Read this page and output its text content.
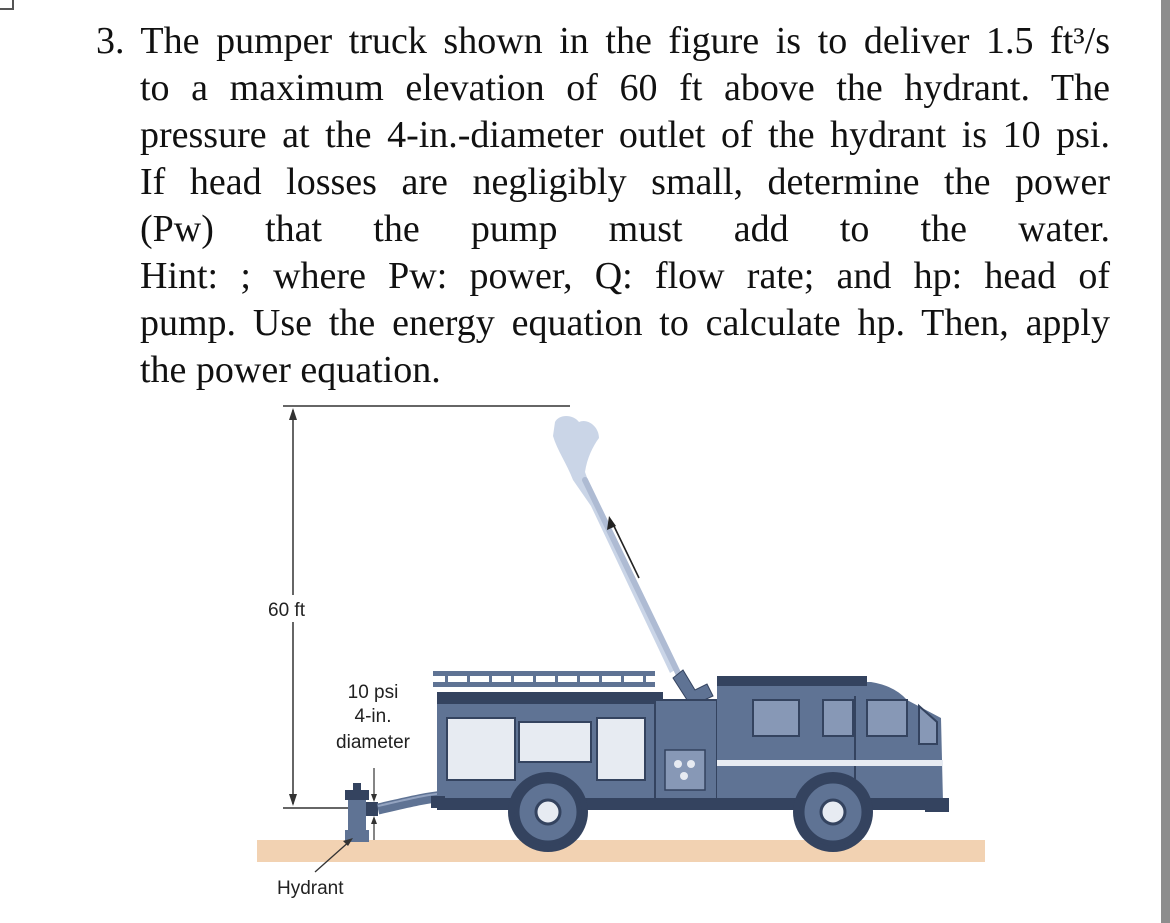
3. The pumper truck shown in the figure is to deliver 1.5 ft³/s
to a maximum elevation of 60 ft above the hydrant. The
pressure at the 4-in.-diameter outlet of the hydrant is 10 psi.
If head losses are negligibly small, determine the power
(Pw) that the pump must add to the water.
Hint: ; where Pw: power, Q: flow rate; and hp: head of
pump. Use the energy equation to calculate hp. Then, apply
the power equation.
60 ft
10 psi
4-in.
diameter
Hydrant
